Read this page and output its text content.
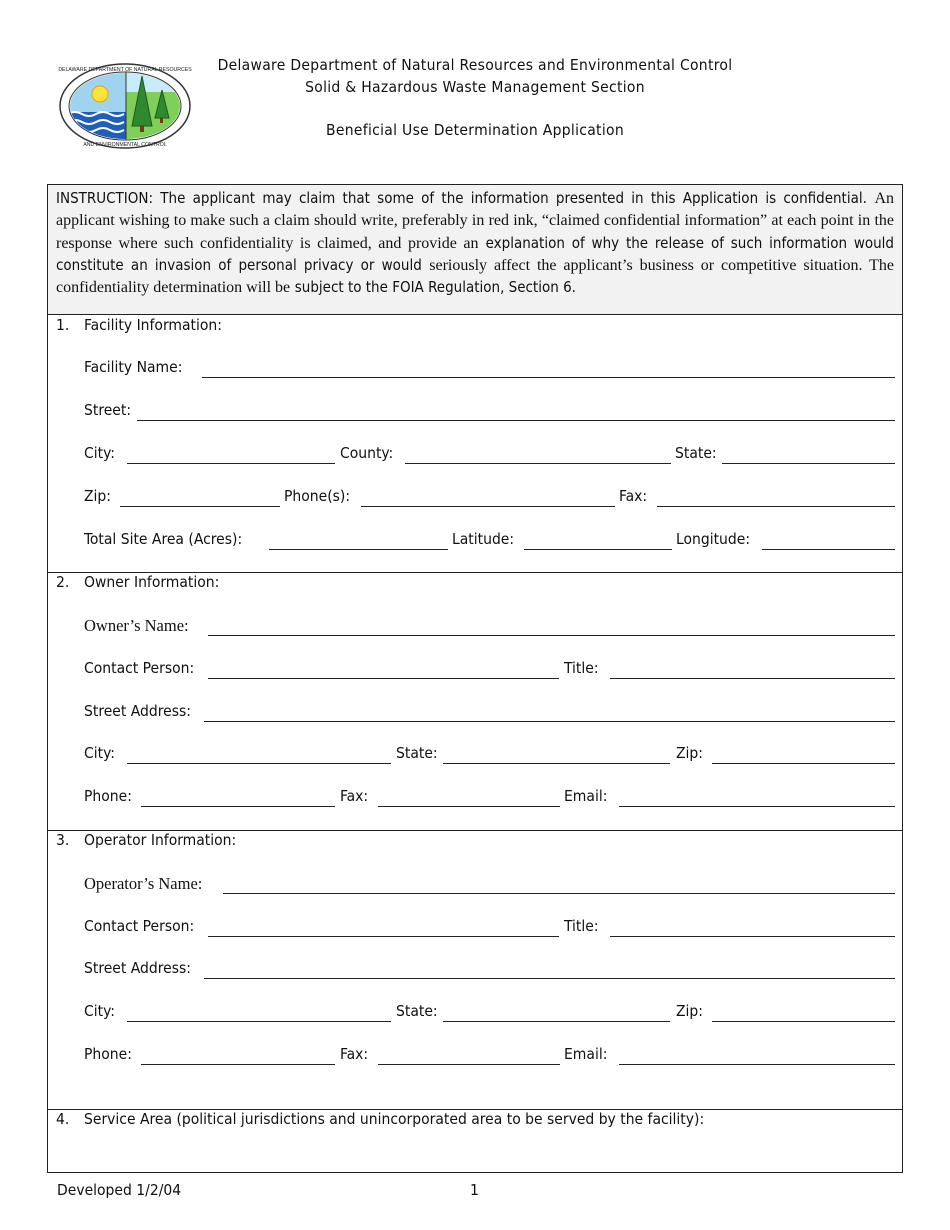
DELAWARE DEPARTMENT OF NATURAL RESOURCES
AND ENVIRONMENTAL CONTROL
Delaware Department of Natural Resources and Environmental Control
Solid & Hazardous Waste Management Section
Beneficial Use Determination Application
INSTRUCTION: The applicant may claim that some of the information presented in this Application is confidential. An applicant wishing to make such a claim should write, preferably in red ink, “claimed confidential information” at each point in the response where such confidentiality is claimed, and provide an explanation of why the release of such information would constitute an invasion of personal privacy or would seriously affect the applicant’s business or competitive situation. The confidentiality determination will be subject to the FOIA Regulation, Section 6.
1. Facility Information:
Facility Name:
Street:
City:	County:	State:
Zip:	Phone(s):	Fax:
Total Site Area (Acres):	Latitude:	Longitude:
2. Owner Information:
Owner’s Name:
Contact Person:	Title:
Street Address:
City:	State:	Zip:
Phone:	Fax:	Email:
3. Operator Information:
Operator’s Name:
Contact Person:	Title:
Street Address:
City:	State:	Zip:
Phone:	Fax:	Email:
4. Service Area (political jurisdictions and unincorporated area to be served by the facility):
Developed 1/2/04	1
